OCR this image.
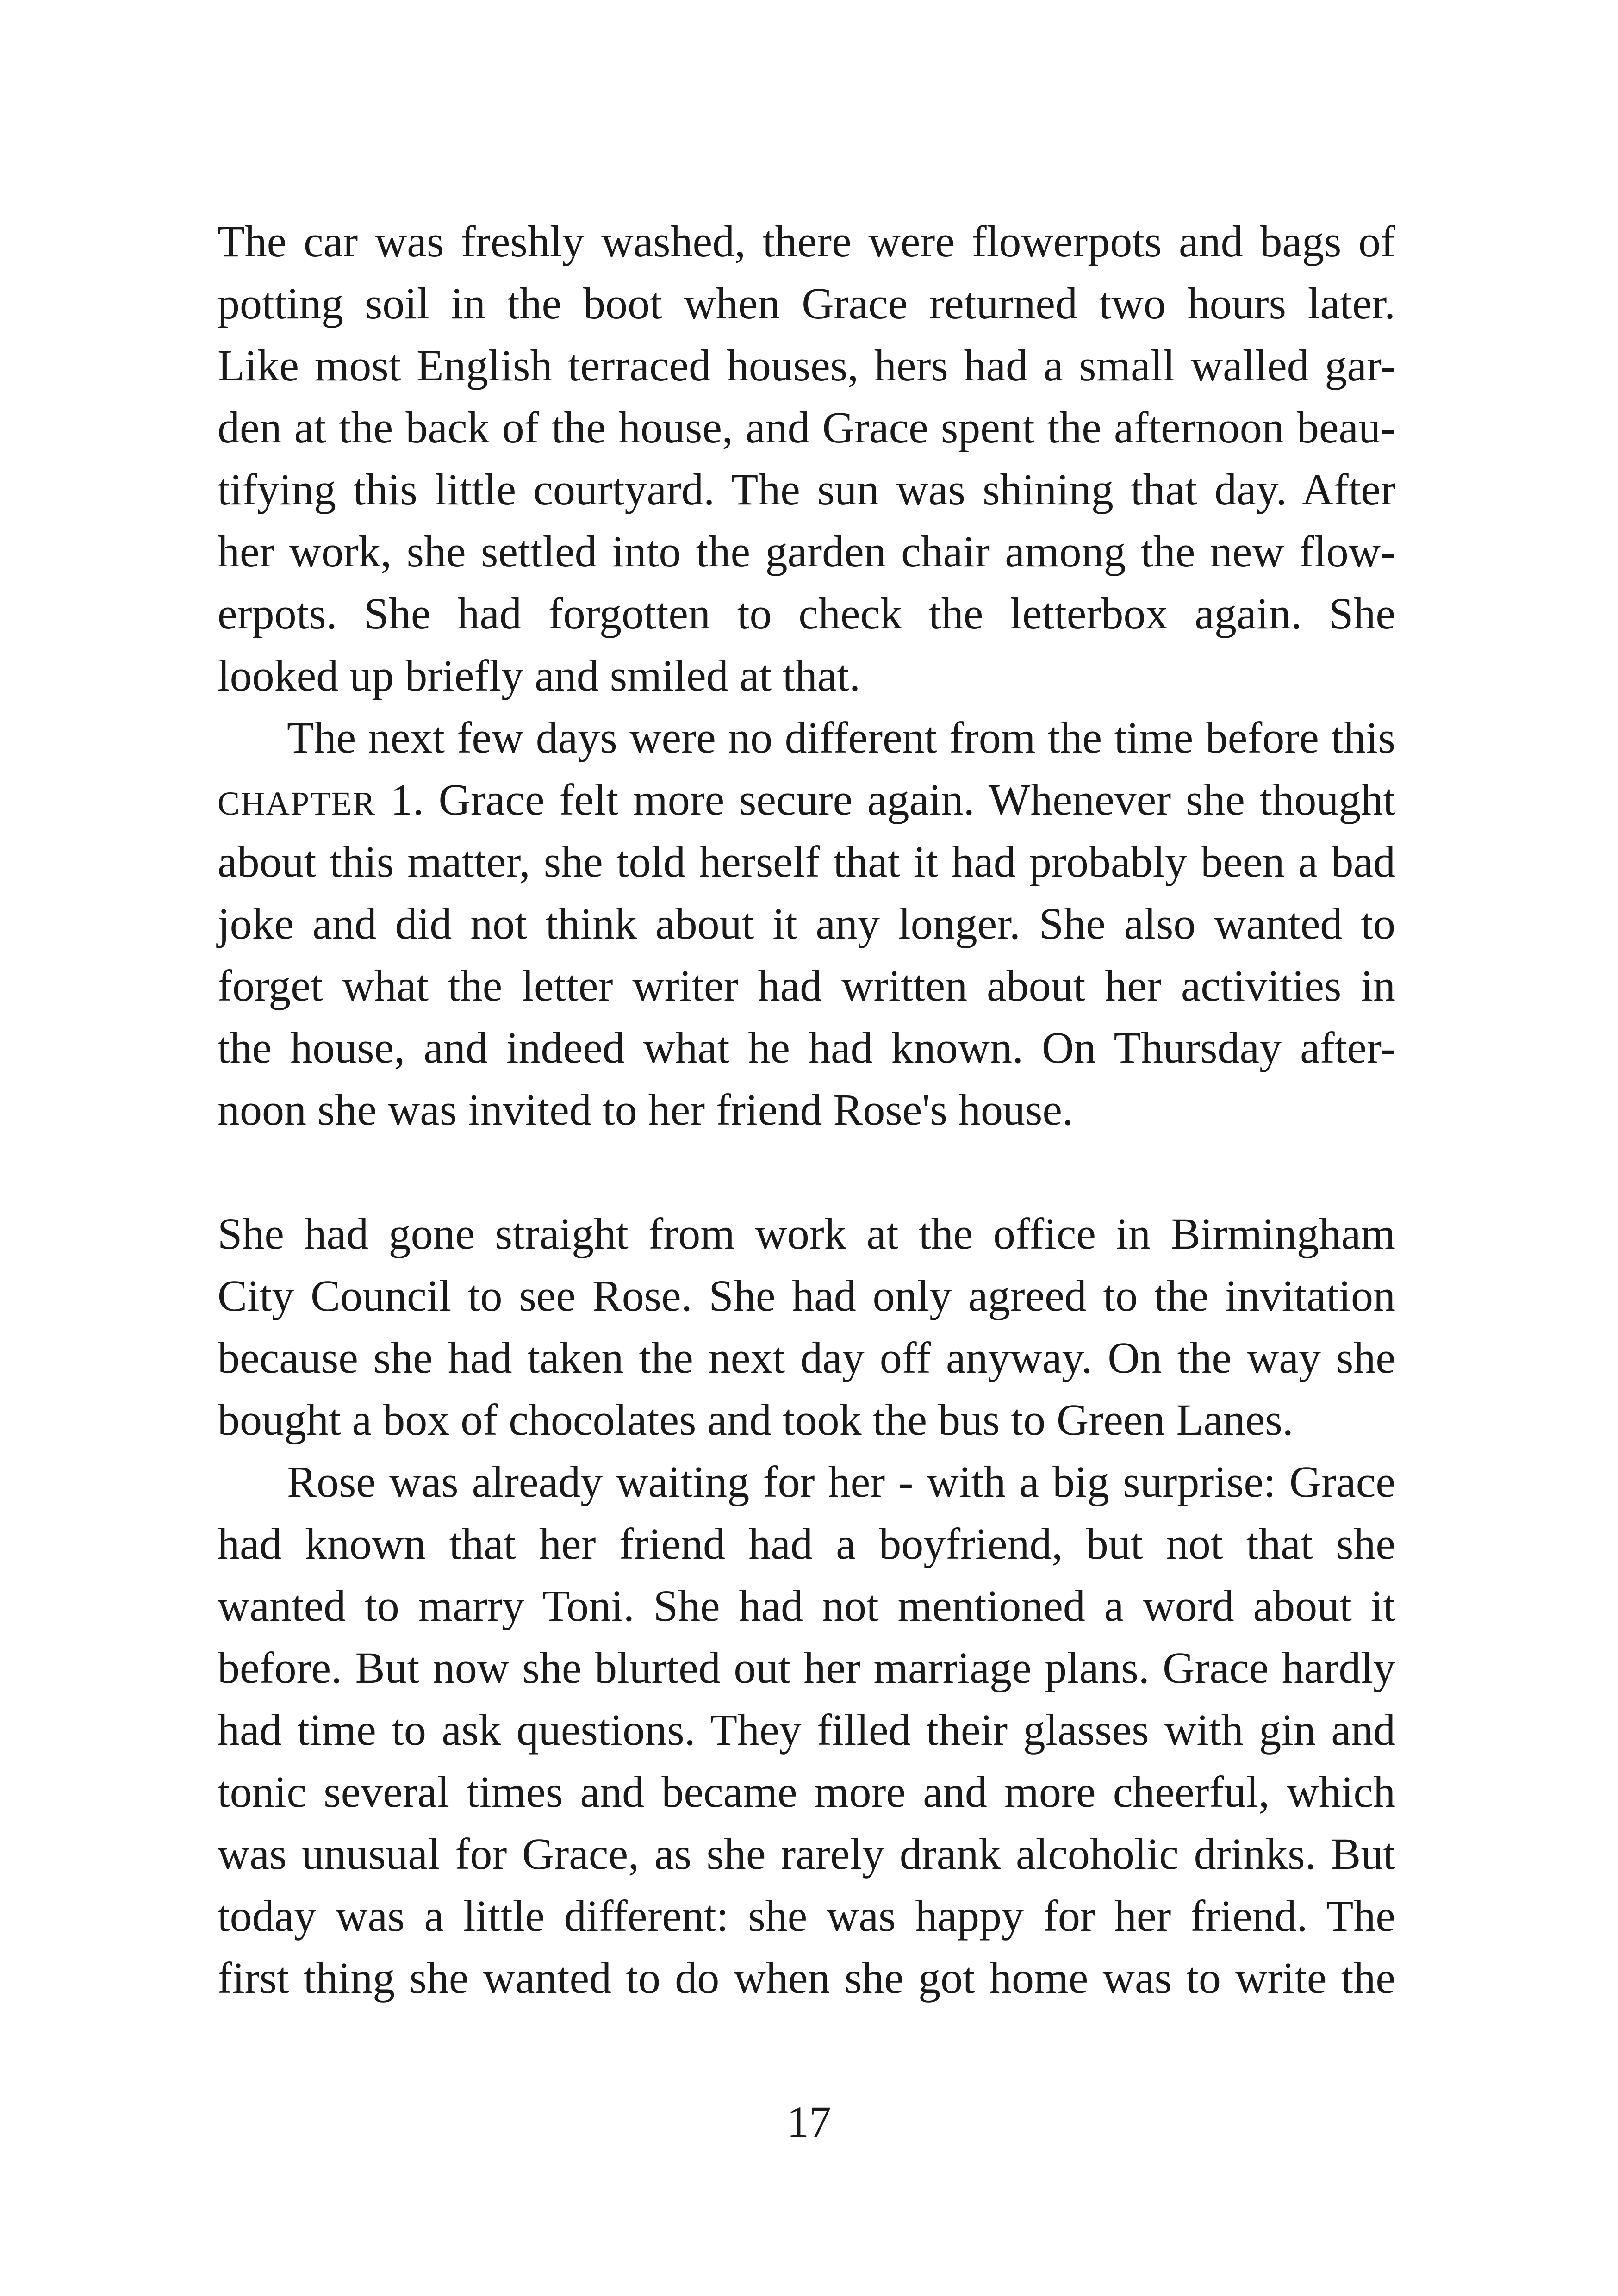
The car was freshly washed, there were flowerpots and bags of
potting soil in the boot when Grace returned two hours later.
Like most English terraced houses, hers had a small walled gar-
den at the back of the house, and Grace spent the afternoon beau-
tifying this little courtyard. The sun was shining that day. After
her work, she settled into the garden chair among the new flow-
erpots. She had forgotten to check the letterbox again. She
looked up briefly and smiled at that.
The next few days were no different from the time before this
CHAPTER 1. Grace felt more secure again. Whenever she thought
about this matter, she told herself that it had probably been a bad
joke and did not think about it any longer. She also wanted to
forget what the letter writer had written about her activities in
the house, and indeed what he had known. On Thursday after-
noon she was invited to her friend Rose's house.
She had gone straight from work at the office in Birmingham
City Council to see Rose. She had only agreed to the invitation
because she had taken the next day off anyway. On the way she
bought a box of chocolates and took the bus to Green Lanes.
Rose was already waiting for her - with a big surprise: Grace
had known that her friend had a boyfriend, but not that she
wanted to marry Toni. She had not mentioned a word about it
before. But now she blurted out her marriage plans. Grace hardly
had time to ask questions. They filled their glasses with gin and
tonic several times and became more and more cheerful, which
was unusual for Grace, as she rarely drank alcoholic drinks. But
today was a little different: she was happy for her friend. The
first thing she wanted to do when she got home was to write the
17
